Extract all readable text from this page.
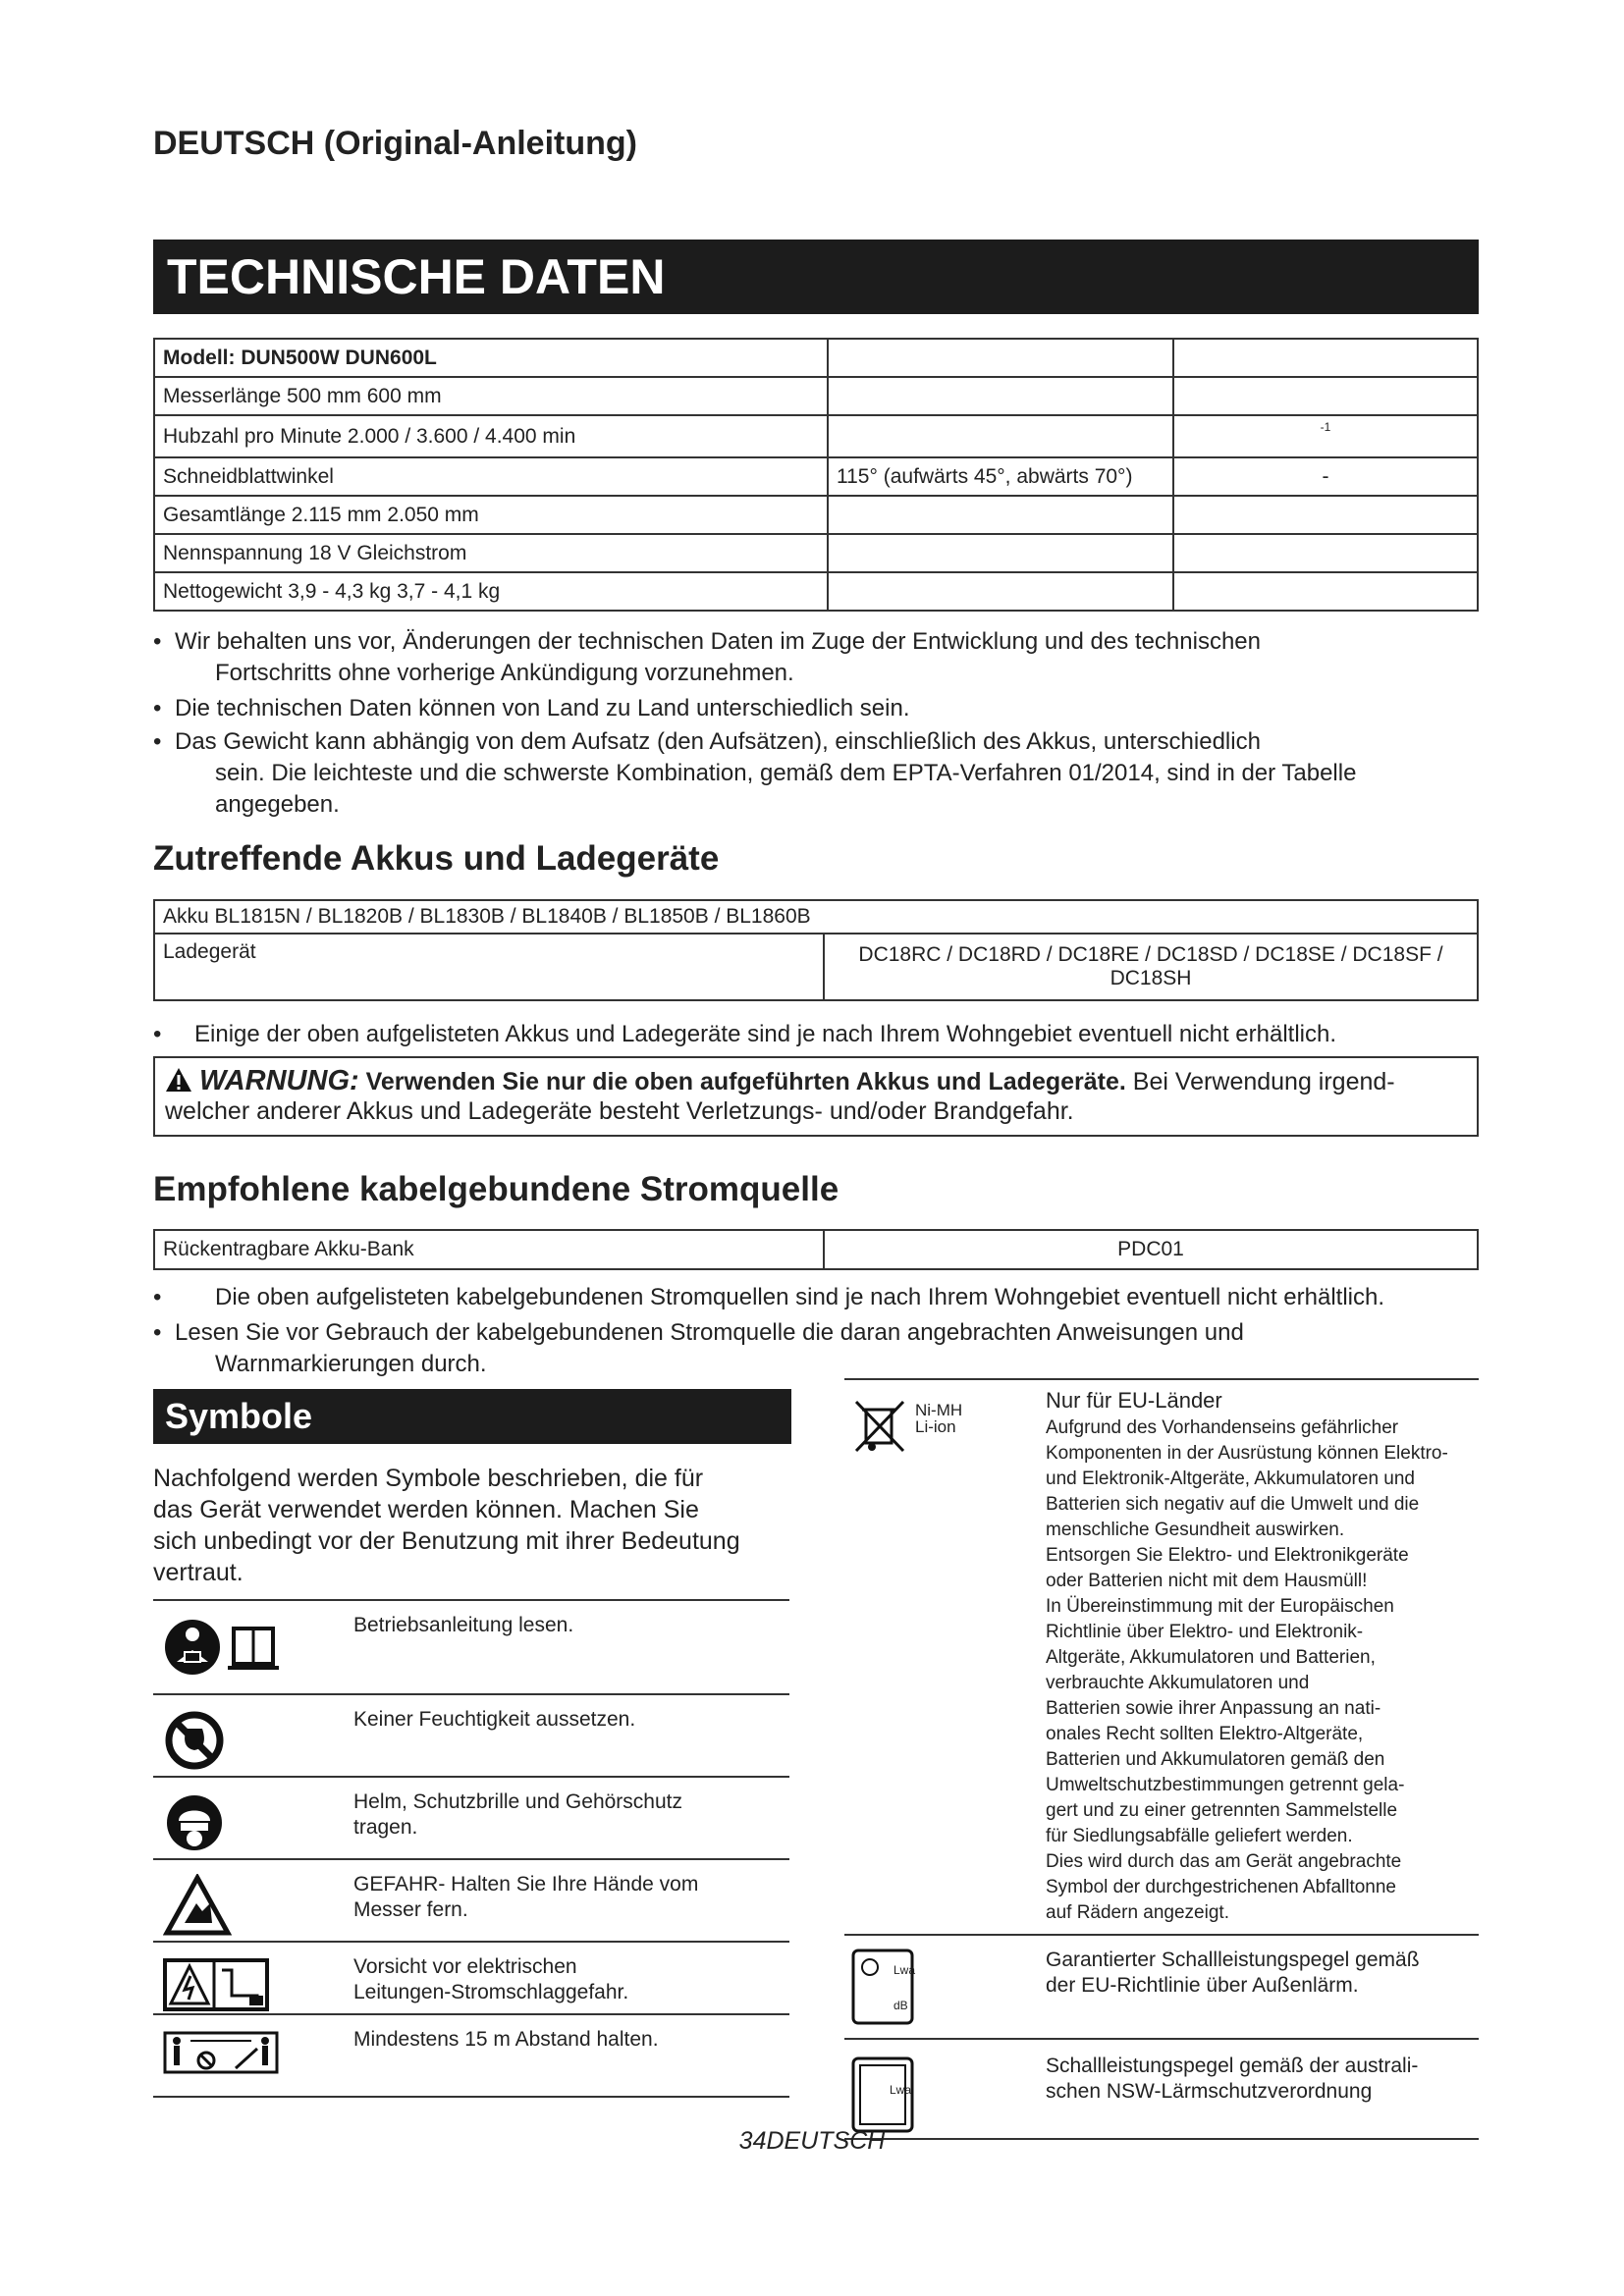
DEUTSCH (Original-Anleitung)
TECHNISCHE DATEN
Modell: DUN500W DUN600L		
Messerlänge 500 mm 600 mm		
Hubzahl pro Minute 2.000 / 3.600 / 4.400 min		-1
Schneidblattwinkel	115° (aufwärts 45°, abwärts 70°)	-
Gesamtlänge 2.115 mm 2.050 mm		
Nennspannung 18 V Gleichstrom		
Nettogewicht 3,9 - 4,3 kg 3,7 - 4,1 kg		
• Wir behalten uns vor, Änderungen der technischen Daten im Zuge der Entwicklung und des technischen
Fortschritts ohne vorherige Ankündigung vorzunehmen.
• Die technischen Daten können von Land zu Land unterschiedlich sein.
• Das Gewicht kann abhängig von dem Aufsatz (den Aufsätzen), einschließlich des Akkus, unterschiedlich
sein. Die leichteste und die schwerste Kombination, gemäß dem EPTA-Verfahren 01/2014, sind in der Tabelle
angegeben.
Zutreffende Akkus und Ladegeräte
Akku BL1815N / BL1820B / BL1830B / BL1840B / BL1850B / BL1860B
Ladegerät	DC18RC / DC18RD / DC18RE / DC18SD / DC18SE / DC18SF /
DC18SH
•	Einige der oben aufgelisteten Akkus und Ladegeräte sind je nach Ihrem Wohngebiet eventuell nicht erhältlich.
WARNUNG: Verwenden Sie nur die oben aufgeführten Akkus und Ladegeräte. Bei Verwendung irgend-
welcher anderer Akkus und Ladegeräte besteht Verletzungs- und/oder Brandgefahr.
Empfohlene kabelgebundene Stromquelle
Rückentragbare Akku-Bank	PDC01
•	Die oben aufgelisteten kabelgebundenen Stromquellen sind je nach Ihrem Wohngebiet eventuell nicht erhältlich.
• Lesen Sie vor Gebrauch der kabelgebundenen Stromquelle die daran angebrachten Anweisungen und
Warnmarkierungen durch.
Symbole
Nachfolgend werden Symbole beschrieben, die für
das Gerät verwendet werden können. Machen Sie
sich unbedingt vor der Benutzung mit ihrer Bedeutung
vertraut.
Betriebsanleitung lesen.
Keiner Feuchtigkeit aussetzen.
Helm, Schutzbrille und Gehörschutz
tragen.
GEFAHR- Halten Sie Ihre Hände vom
Messer fern.
Vorsicht vor elektrischen
Leitungen-Stromschlaggefahr.
Mindestens 15 m Abstand halten.
Ni-MH
Li-ion
Nur für EU-Länder
Aufgrund des Vorhandenseins gefährlicher
Komponenten in der Ausrüstung können Elektro-
und Elektronik-Altgeräte, Akkumulatoren und
Batterien sich negativ auf die Umwelt und die
menschliche Gesundheit auswirken.
Entsorgen Sie Elektro- und Elektronikgeräte
oder Batterien nicht mit dem Hausmüll!
In Übereinstimmung mit der Europäischen
Richtlinie über Elektro- und Elektronik-
Altgeräte, Akkumulatoren und Batterien,
verbrauchte Akkumulatoren und
Batterien sowie ihrer Anpassung an nati-
onales Recht sollten Elektro-Altgeräte,
Batterien und Akkumulatoren gemäß den
Umweltschutzbestimmungen getrennt gela-
gert und zu einer getrennten Sammelstelle
für Siedlungsabfälle geliefert werden.
Dies wird durch das am Gerät angebrachte
Symbol der durchgestrichenen Abfalltonne
auf Rädern angezeigt.
Lwa
dB
Garantierter Schallleistungspegel gemäß
der EU-Richtlinie über Außenlärm.
Lwa
Schallleistungspegel gemäß der australi-
schen NSW-Lärmschutzverordnung
34DEUTSCH
